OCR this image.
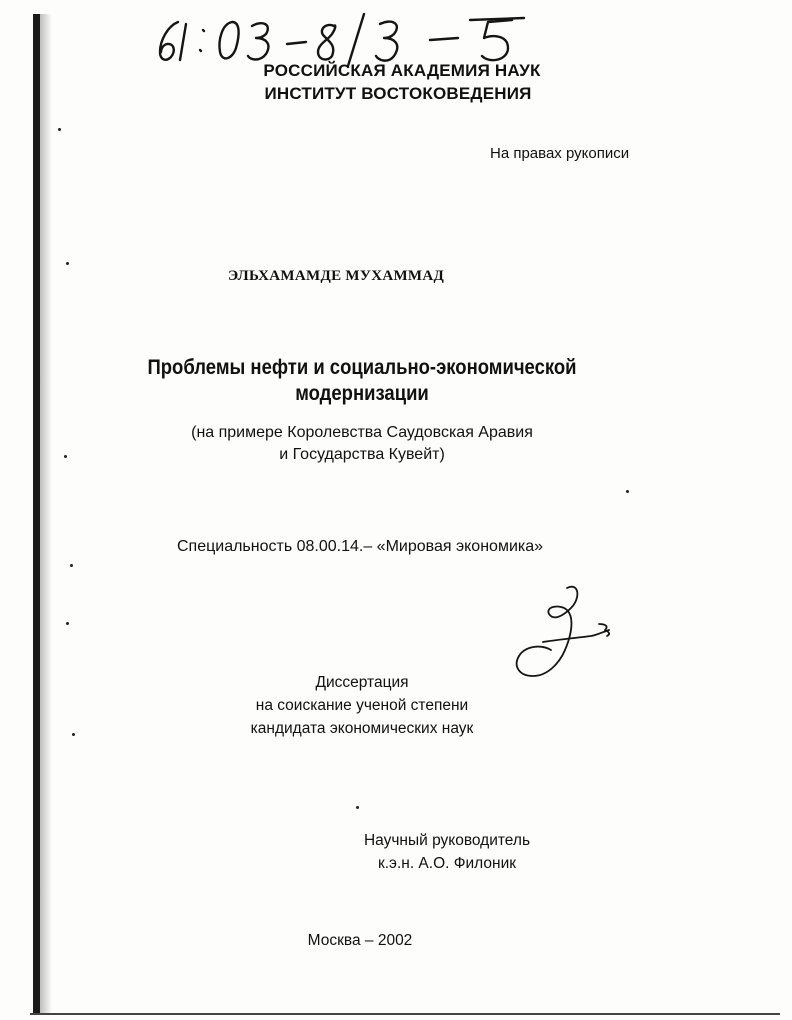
РОССИЙСКАЯ АКАДЕМИЯ НАУК
ИНСТИТУТ ВОСТОКОВЕДЕНИЯ
На правах рукописи
ЭЛЬХАМАМДЕ МУХАММАД
Проблемы нефти и социально-экономической
модернизации
(на примере Королевства Саудовская Аравия
и Государства Кувейт)
Специальность 08.00.14.– «Мировая экономика»
Диссертация
на соискание ученой степени
кандидата экономических наук
Научный руководитель
к.э.н. А.О. Филоник
Москва – 2002
